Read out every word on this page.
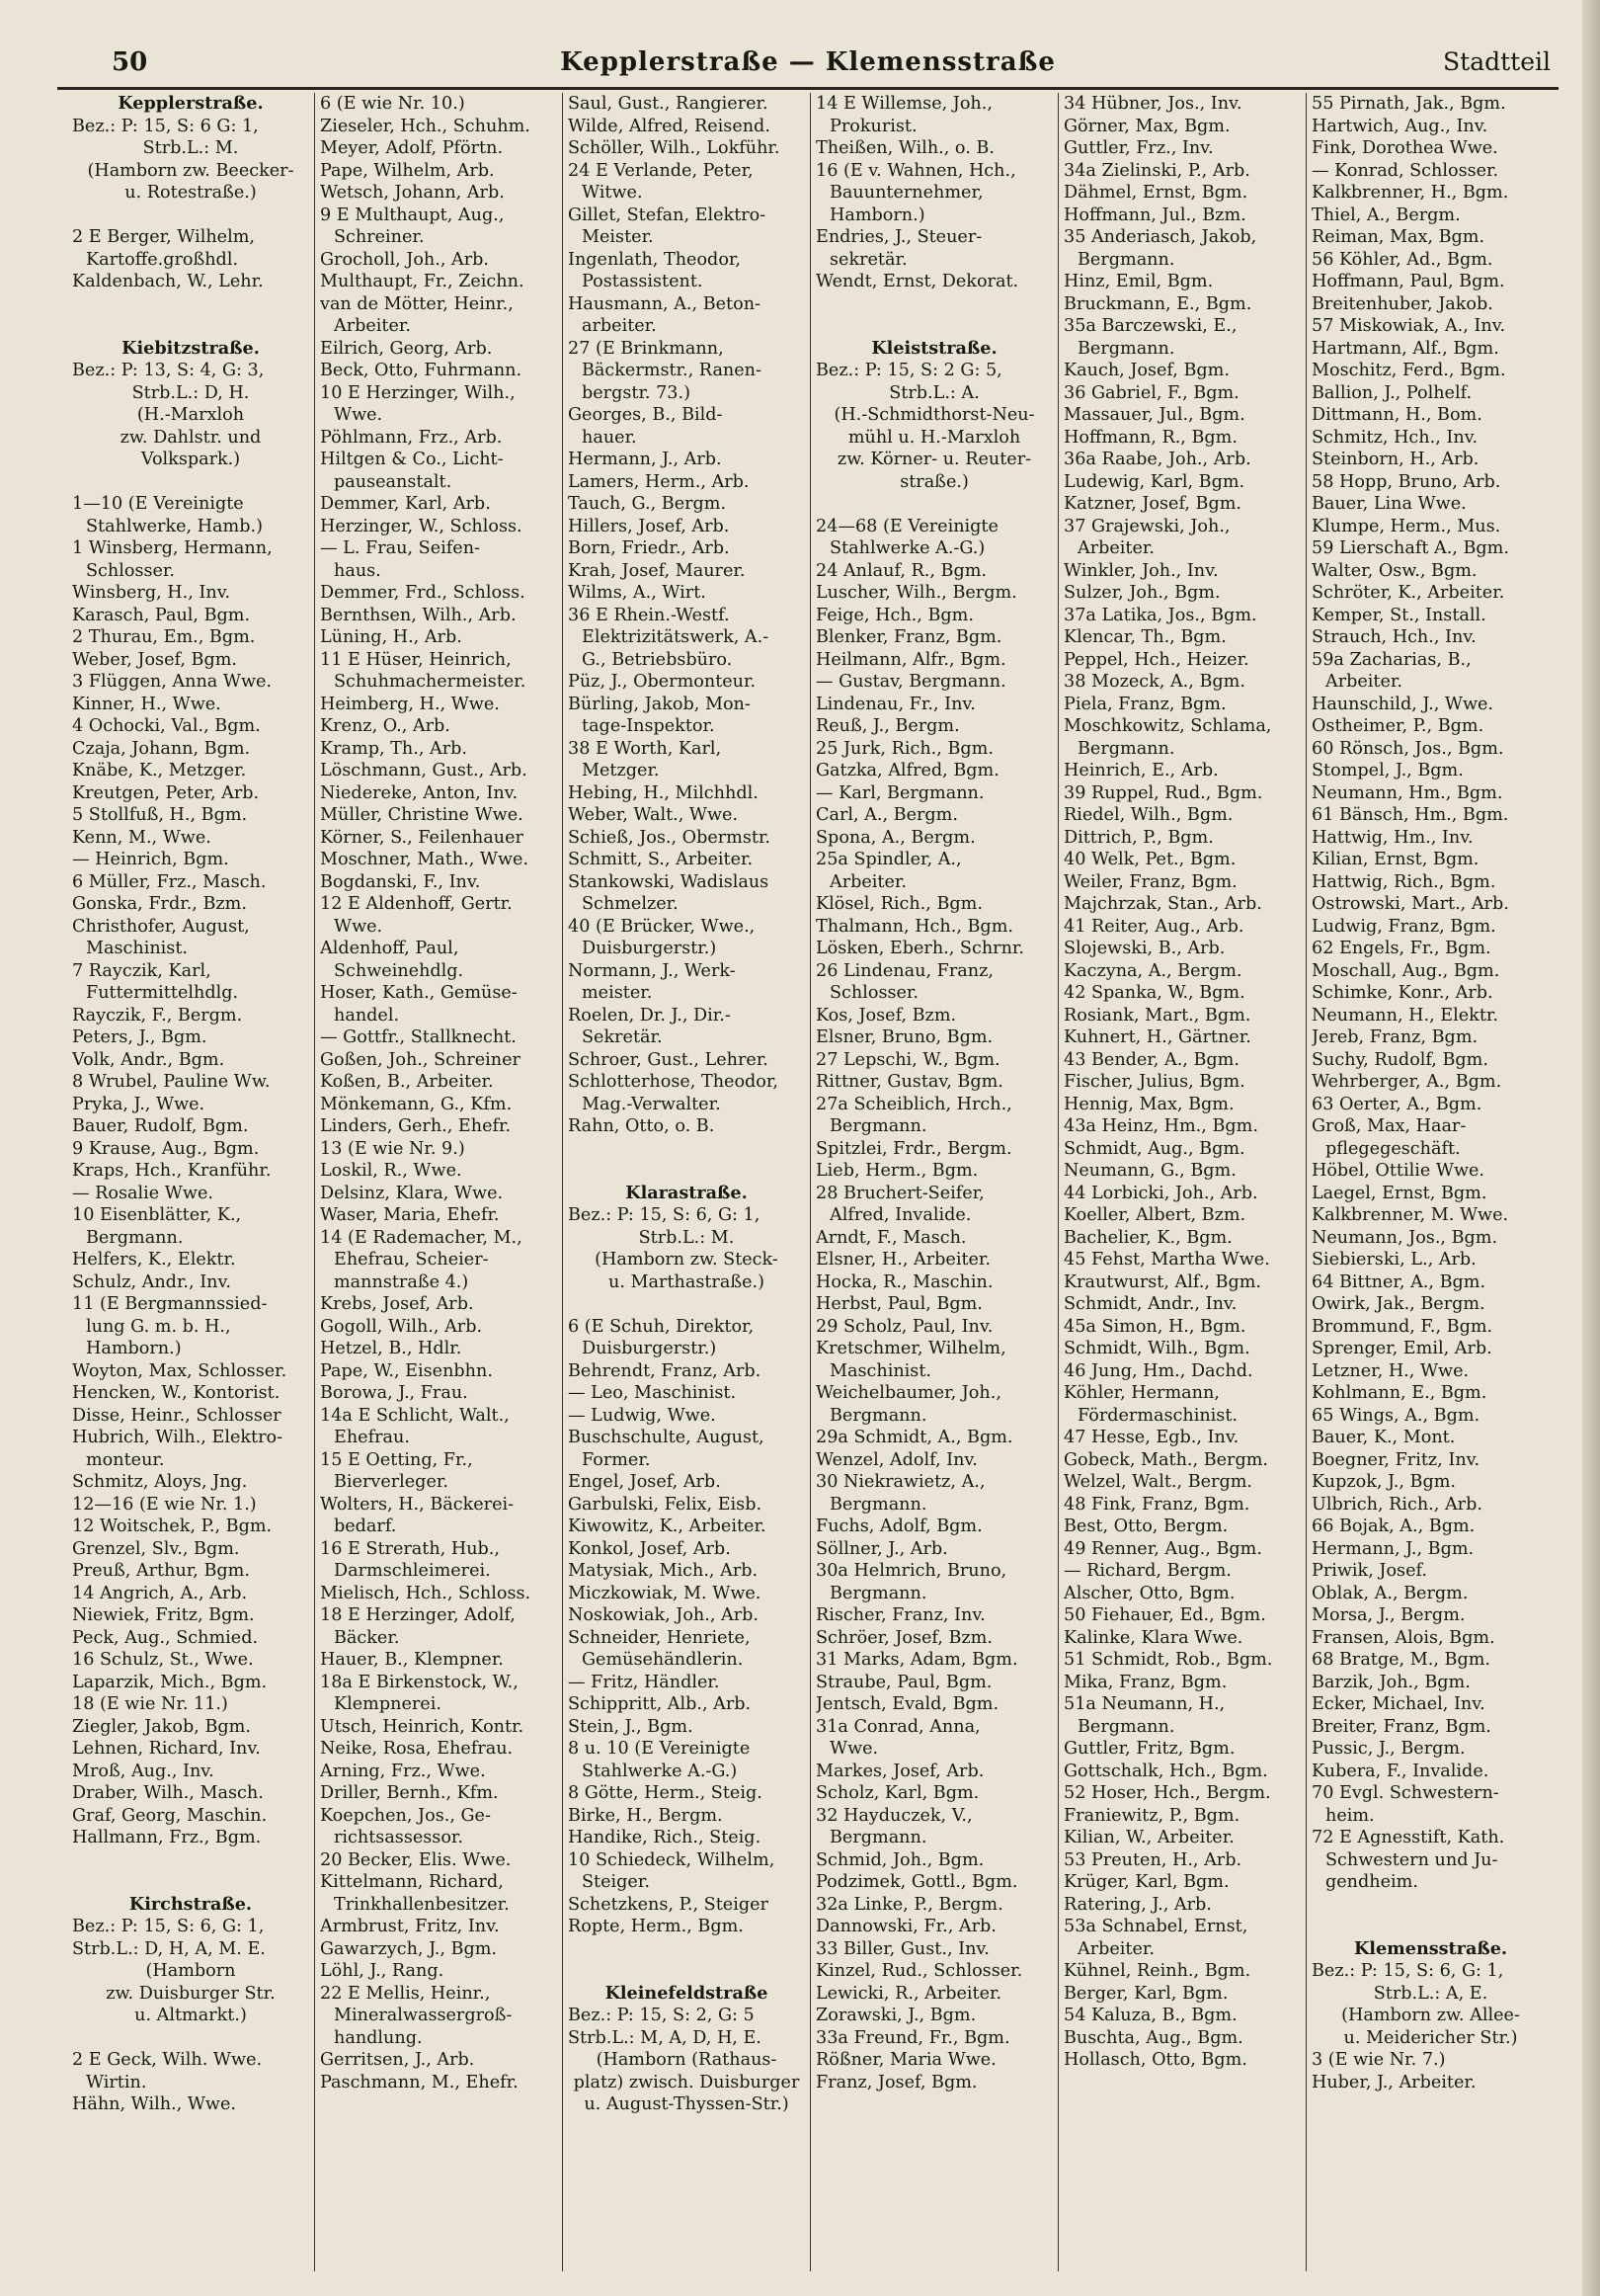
50	Kepplerstraße — Klemensstraße	Stadtteil
Kepplerstraße.
Bez.: P: 15, S: 6 G: 1,
Strb.L.: M.
(Hamborn zw. Beecker-
u. Rotestraße.)
2 E Berger, Wilhelm,
Kartoffe.großhdl.
Kaldenbach, W., Lehr.
Kiebitzstraße.
Bez.: P: 13, S: 4, G: 3,
Strb.L.: D, H.
(H.-Marxloh
zw. Dahlstr. und
Volkspark.)
1—10 (E Vereinigte
Stahlwerke, Hamb.)
1 Winsberg, Hermann,
Schlosser.
Winsberg, H., Inv.
Karasch, Paul, Bgm.
2 Thurau, Em., Bgm.
Weber, Josef, Bgm.
3 Flüggen, Anna Wwe.
Kinner, H., Wwe.
4 Ochocki, Val., Bgm.
Czaja, Johann, Bgm.
Knäbe, K., Metzger.
Kreutgen, Peter, Arb.
5 Stollfuß, H., Bgm.
Kenn, M., Wwe.
— Heinrich, Bgm.
6 Müller, Frz., Masch.
Gonska, Frdr., Bzm.
Christhofer, August,
Maschinist.
7 Rayczik, Karl,
Futtermittelhdlg.
Rayczik, F., Bergm.
Peters, J., Bgm.
Volk, Andr., Bgm.
8 Wrubel, Pauline Ww.
Pryka, J., Wwe.
Bauer, Rudolf, Bgm.
9 Krause, Aug., Bgm.
Kraps, Hch., Kranführ.
— Rosalie Wwe.
10 Eisenblätter, K.,
Bergmann.
Helfers, K., Elektr.
Schulz, Andr., Inv.
11 (E Bergmannssied-
lung G. m. b. H.,
Hamborn.)
Woyton, Max, Schlosser.
Hencken, W., Kontorist.
Disse, Heinr., Schlosser
Hubrich, Wilh., Elektro-
monteur.
Schmitz, Aloys, Jng.
12—16 (E wie Nr. 1.)
12 Woitschek, P., Bgm.
Grenzel, Slv., Bgm.
Preuß, Arthur, Bgm.
14 Angrich, A., Arb.
Niewiek, Fritz, Bgm.
Peck, Aug., Schmied.
16 Schulz, St., Wwe.
Laparzik, Mich., Bgm.
18 (E wie Nr. 11.)
Ziegler, Jakob, Bgm.
Lehnen, Richard, Inv.
Mroß, Aug., Inv.
Draber, Wilh., Masch.
Graf, Georg, Maschin.
Hallmann, Frz., Bgm.
Kirchstraße.
Bez.: P: 15, S: 6, G: 1,
Strb.L.: D, H, A, M. E.
(Hamborn
zw. Duisburger Str.
u. Altmarkt.)
2 E Geck, Wilh. Wwe.
Wirtin.
Hähn, Wilh., Wwe.
6 (E wie Nr. 10.)
Zieseler, Hch., Schuhm.
Meyer, Adolf, Pförtn.
Pape, Wilhelm, Arb.
Wetsch, Johann, Arb.
9 E Multhaupt, Aug.,
Schreiner.
Grocholl, Joh., Arb.
Multhaupt, Fr., Zeichn.
van de Mötter, Heinr.,
Arbeiter.
Eilrich, Georg, Arb.
Beck, Otto, Fuhrmann.
10 E Herzinger, Wilh.,
Wwe.
Pöhlmann, Frz., Arb.
Hiltgen & Co., Licht-
pauseanstalt.
Demmer, Karl, Arb.
Herzinger, W., Schloss.
— L. Frau, Seifen-
haus.
Demmer, Frd., Schloss.
Bernthsen, Wilh., Arb.
Lüning, H., Arb.
11 E Hüser, Heinrich,
Schuhmachermeister.
Heimberg, H., Wwe.
Krenz, O., Arb.
Kramp, Th., Arb.
Löschmann, Gust., Arb.
Niedereke, Anton, Inv.
Müller, Christine Wwe.
Körner, S., Feilenhauer
Moschner, Math., Wwe.
Bogdanski, F., Inv.
12 E Aldenhoff, Gertr.
Wwe.
Aldenhoff, Paul,
Schweinehdlg.
Hoser, Kath., Gemüse-
handel.
— Gottfr., Stallknecht.
Goßen, Joh., Schreiner
Koßen, B., Arbeiter.
Mönkemann, G., Kfm.
Linders, Gerh., Ehefr.
13 (E wie Nr. 9.)
Loskil, R., Wwe.
Delsinz, Klara, Wwe.
Waser, Maria, Ehefr.
14 (E Rademacher, M.,
Ehefrau, Scheier-
mannstraße 4.)
Krebs, Josef, Arb.
Gogoll, Wilh., Arb.
Hetzel, B., Hdlr.
Pape, W., Eisenbhn.
Borowa, J., Frau.
14a E Schlicht, Walt.,
Ehefrau.
15 E Oetting, Fr.,
Bierverleger.
Wolters, H., Bäckerei-
bedarf.
16 E Strerath, Hub.,
Darmschleimerei.
Mielisch, Hch., Schloss.
18 E Herzinger, Adolf,
Bäcker.
Hauer, B., Klempner.
18a E Birkenstock, W.,
Klempnerei.
Utsch, Heinrich, Kontr.
Neike, Rosa, Ehefrau.
Arning, Frz., Wwe.
Driller, Bernh., Kfm.
Koepchen, Jos., Ge-
richtsassessor.
20 Becker, Elis. Wwe.
Kittelmann, Richard,
Trinkhallenbesitzer.
Armbrust, Fritz, Inv.
Gawarzych, J., Bgm.
Löhl, J., Rang.
22 E Mellis, Heinr.,
Mineralwassergroß-
handlung.
Gerritsen, J., Arb.
Paschmann, M., Ehefr.
Saul, Gust., Rangierer.
Wilde, Alfred, Reisend.
Schöller, Wilh., Lokführ.
24 E Verlande, Peter,
Witwe.
Gillet, Stefan, Elektro-
Meister.
Ingenlath, Theodor,
Postassistent.
Hausmann, A., Beton-
arbeiter.
27 (E Brinkmann,
Bäckermstr., Ranen-
bergstr. 73.)
Georges, B., Bild-
hauer.
Hermann, J., Arb.
Lamers, Herm., Arb.
Tauch, G., Bergm.
Hillers, Josef, Arb.
Born, Friedr., Arb.
Krah, Josef, Maurer.
Wilms, A., Wirt.
36 E Rhein.-Westf.
Elektrizitätswerk, A.-
G., Betriebsbüro.
Püz, J., Obermonteur.
Bürling, Jakob, Mon-
tage-Inspektor.
38 E Worth, Karl,
Metzger.
Hebing, H., Milchhdl.
Weber, Walt., Wwe.
Schieß, Jos., Obermstr.
Schmitt, S., Arbeiter.
Stankowski, Wadislaus
Schmelzer.
40 (E Brücker, Wwe.,
Duisburgerstr.)
Normann, J., Werk-
meister.
Roelen, Dr. J., Dir.-
Sekretär.
Schroer, Gust., Lehrer.
Schlotterhose, Theodor,
Mag.-Verwalter.
Rahn, Otto, o. B.
Klarastraße.
Bez.: P: 15, S: 6, G: 1,
Strb.L.: M.
(Hamborn zw. Steck-
u. Marthastraße.)
6 (E Schuh, Direktor,
Duisburgerstr.)
Behrendt, Franz, Arb.
— Leo, Maschinist.
— Ludwig, Wwe.
Buschschulte, August,
Former.
Engel, Josef, Arb.
Garbulski, Felix, Eisb.
Kiwowitz, K., Arbeiter.
Konkol, Josef, Arb.
Matysiak, Mich., Arb.
Miczkowiak, M. Wwe.
Noskowiak, Joh., Arb.
Schneider, Henriete,
Gemüsehändlerin.
— Fritz, Händler.
Schippritt, Alb., Arb.
Stein, J., Bgm.
8 u. 10 (E Vereinigte
Stahlwerke A.-G.)
8 Götte, Herm., Steig.
Birke, H., Bergm.
Handike, Rich., Steig.
10 Schiedeck, Wilhelm,
Steiger.
Schetzkens, P., Steiger
Ropte, Herm., Bgm.
Kleinefeldstraße
Bez.: P: 15, S: 2, G: 5
Strb.L.: M, A, D, H, E.
(Hamborn (Rathaus-
platz) zwisch. Duisburger
u. August-Thyssen-Str.)
14 E Willemse, Joh.,
Prokurist.
Theißen, Wilh., o. B.
16 (E v. Wahnen, Hch.,
Bauunternehmer,
Hamborn.)
Endries, J., Steuer-
sekretär.
Wendt, Ernst, Dekorat.
Kleiststraße.
Bez.: P: 15, S: 2 G: 5,
Strb.L.: A.
(H.-Schmidthorst-Neu-
mühl u. H.-Marxloh
zw. Körner- u. Reuter-
straße.)
24—68 (E Vereinigte
Stahlwerke A.-G.)
24 Anlauf, R., Bgm.
Luscher, Wilh., Bergm.
Feige, Hch., Bgm.
Blenker, Franz, Bgm.
Heilmann, Alfr., Bgm.
— Gustav, Bergmann.
Lindenau, Fr., Inv.
Reuß, J., Bergm.
25 Jurk, Rich., Bgm.
Gatzka, Alfred, Bgm.
— Karl, Bergmann.
Carl, A., Bergm.
Spona, A., Bergm.
25a Spindler, A.,
Arbeiter.
Klösel, Rich., Bgm.
Thalmann, Hch., Bgm.
Lösken, Eberh., Schrnr.
26 Lindenau, Franz,
Schlosser.
Kos, Josef, Bzm.
Elsner, Bruno, Bgm.
27 Lepschi, W., Bgm.
Rittner, Gustav, Bgm.
27a Scheiblich, Hrch.,
Bergmann.
Spitzlei, Frdr., Bergm.
Lieb, Herm., Bgm.
28 Bruchert-Seifer,
Alfred, Invalide.
Arndt, F., Masch.
Elsner, H., Arbeiter.
Hocka, R., Maschin.
Herbst, Paul, Bgm.
29 Scholz, Paul, Inv.
Kretschmer, Wilhelm,
Maschinist.
Weichelbaumer, Joh.,
Bergmann.
29a Schmidt, A., Bgm.
Wenzel, Adolf, Inv.
30 Niekrawietz, A.,
Bergmann.
Fuchs, Adolf, Bgm.
Söllner, J., Arb.
30a Helmrich, Bruno,
Bergmann.
Rischer, Franz, Inv.
Schröer, Josef, Bzm.
31 Marks, Adam, Bgm.
Straube, Paul, Bgm.
Jentsch, Evald, Bgm.
31a Conrad, Anna,
Wwe.
Markes, Josef, Arb.
Scholz, Karl, Bgm.
32 Hayduczek, V.,
Bergmann.
Schmid, Joh., Bgm.
Podzimek, Gottl., Bgm.
32a Linke, P., Bergm.
Dannowski, Fr., Arb.
33 Biller, Gust., Inv.
Kinzel, Rud., Schlosser.
Lewicki, R., Arbeiter.
Zorawski, J., Bgm.
33a Freund, Fr., Bgm.
Rößner, Maria Wwe.
Franz, Josef, Bgm.
34 Hübner, Jos., Inv.
Görner, Max, Bgm.
Guttler, Frz., Inv.
34a Zielinski, P., Arb.
Dähmel, Ernst, Bgm.
Hoffmann, Jul., Bzm.
35 Anderiasch, Jakob,
Bergmann.
Hinz, Emil, Bgm.
Bruckmann, E., Bgm.
35a Barczewski, E.,
Bergmann.
Kauch, Josef, Bgm.
36 Gabriel, F., Bgm.
Massauer, Jul., Bgm.
Hoffmann, R., Bgm.
36a Raabe, Joh., Arb.
Ludewig, Karl, Bgm.
Katzner, Josef, Bgm.
37 Grajewski, Joh.,
Arbeiter.
Winkler, Joh., Inv.
Sulzer, Joh., Bgm.
37a Latika, Jos., Bgm.
Klencar, Th., Bgm.
Peppel, Hch., Heizer.
38 Mozeck, A., Bgm.
Piela, Franz, Bgm.
Moschkowitz, Schlama,
Bergmann.
Heinrich, E., Arb.
39 Ruppel, Rud., Bgm.
Riedel, Wilh., Bgm.
Dittrich, P., Bgm.
40 Welk, Pet., Bgm.
Weiler, Franz, Bgm.
Majchrzak, Stan., Arb.
41 Reiter, Aug., Arb.
Slojewski, B., Arb.
Kaczyna, A., Bergm.
42 Spanka, W., Bgm.
Rosiank, Mart., Bgm.
Kuhnert, H., Gärtner.
43 Bender, A., Bgm.
Fischer, Julius, Bgm.
Hennig, Max, Bgm.
43a Heinz, Hm., Bgm.
Schmidt, Aug., Bgm.
Neumann, G., Bgm.
44 Lorbicki, Joh., Arb.
Koeller, Albert, Bzm.
Bachelier, K., Bgm.
45 Fehst, Martha Wwe.
Krautwurst, Alf., Bgm.
Schmidt, Andr., Inv.
45a Simon, H., Bgm.
Schmidt, Wilh., Bgm.
46 Jung, Hm., Dachd.
Köhler, Hermann,
Fördermaschinist.
47 Hesse, Egb., Inv.
Gobeck, Math., Bergm.
Welzel, Walt., Bergm.
48 Fink, Franz, Bgm.
Best, Otto, Bergm.
49 Renner, Aug., Bgm.
— Richard, Bergm.
Alscher, Otto, Bgm.
50 Fiehauer, Ed., Bgm.
Kalinke, Klara Wwe.
51 Schmidt, Rob., Bgm.
Mika, Franz, Bgm.
51a Neumann, H.,
Bergmann.
Guttler, Fritz, Bgm.
Gottschalk, Hch., Bgm.
52 Hoser, Hch., Bergm.
Franiewitz, P., Bgm.
Kilian, W., Arbeiter.
53 Preuten, H., Arb.
Krüger, Karl, Bgm.
Ratering, J., Arb.
53a Schnabel, Ernst,
Arbeiter.
Kühnel, Reinh., Bgm.
Berger, Karl, Bgm.
54 Kaluza, B., Bgm.
Buschta, Aug., Bgm.
Hollasch, Otto, Bgm.
55 Pirnath, Jak., Bgm.
Hartwich, Aug., Inv.
Fink, Dorothea Wwe.
— Konrad, Schlosser.
Kalkbrenner, H., Bgm.
Thiel, A., Bergm.
Reiman, Max, Bgm.
56 Köhler, Ad., Bgm.
Hoffmann, Paul, Bgm.
Breitenhuber, Jakob.
57 Miskowiak, A., Inv.
Hartmann, Alf., Bgm.
Moschitz, Ferd., Bgm.
Ballion, J., Polhelf.
Dittmann, H., Bom.
Schmitz, Hch., Inv.
Steinborn, H., Arb.
58 Hopp, Bruno, Arb.
Bauer, Lina Wwe.
Klumpe, Herm., Mus.
59 Lierschaft A., Bgm.
Walter, Osw., Bgm.
Schröter, K., Arbeiter.
Kemper, St., Install.
Strauch, Hch., Inv.
59a Zacharias, B.,
Arbeiter.
Haunschild, J., Wwe.
Ostheimer, P., Bgm.
60 Rönsch, Jos., Bgm.
Stompel, J., Bgm.
Neumann, Hm., Bgm.
61 Bänsch, Hm., Bgm.
Hattwig, Hm., Inv.
Kilian, Ernst, Bgm.
Hattwig, Rich., Bgm.
Ostrowski, Mart., Arb.
Ludwig, Franz, Bgm.
62 Engels, Fr., Bgm.
Moschall, Aug., Bgm.
Schimke, Konr., Arb.
Neumann, H., Elektr.
Jereb, Franz, Bgm.
Suchy, Rudolf, Bgm.
Wehrberger, A., Bgm.
63 Oerter, A., Bgm.
Groß, Max, Haar-
pflegegeschäft.
Höbel, Ottilie Wwe.
Laegel, Ernst, Bgm.
Kalkbrenner, M. Wwe.
Neumann, Jos., Bgm.
Siebierski, L., Arb.
64 Bittner, A., Bgm.
Owirk, Jak., Bergm.
Brommund, F., Bgm.
Sprenger, Emil, Arb.
Letzner, H., Wwe.
Kohlmann, E., Bgm.
65 Wings, A., Bgm.
Bauer, K., Mont.
Boegner, Fritz, Inv.
Kupzok, J., Bgm.
Ulbrich, Rich., Arb.
66 Bojak, A., Bgm.
Hermann, J., Bgm.
Priwik, Josef.
Oblak, A., Bergm.
Morsa, J., Bergm.
Fransen, Alois, Bgm.
68 Bratge, M., Bgm.
Barzik, Joh., Bgm.
Ecker, Michael, Inv.
Breiter, Franz, Bgm.
Pussic, J., Bergm.
Kubera, F., Invalide.
70 Evgl. Schwestern-
heim.
72 E Agnesstift, Kath.
Schwestern und Ju-
gendheim.
Klemensstraße.
Bez.: P: 15, S: 6, G: 1,
Strb.L.: A, E.
(Hamborn zw. Allee-
u. Meidericher Str.)
3 (E wie Nr. 7.)
Huber, J., Arbeiter.
